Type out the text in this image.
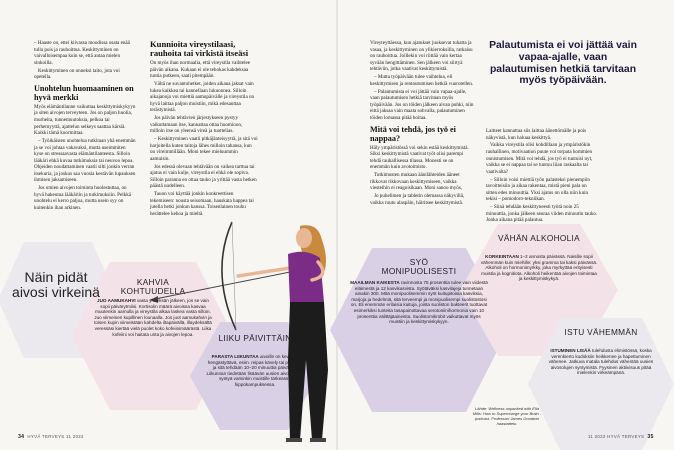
– Haaste on, ettei kiivassa moodissa osata enää tulla pois ja rauhoittua. Keskittyminen on vaivalloisempaa kuin se, että antaa mielen sinkoilla.

Keskittyminen on onneksi taito, jota voi opetella.

Unohtelun huomaaminen on hyvä merkki

Myös elämäntilanne vaikuttaa keskittymiskykyyn ja siten aivojen terveyteen. Jos on paljon huolia, murheita, tunnemuutoksia, pelkoa tai perhemyyttä, ajattelun selkeys saattaa kärsiä. Kaikki tämä kuormittaa.

– Työikäisten unohtelua tutkitaan yhä enemmän ja se voi johtaa vakavaksi, mutta useimmiten kyse on stressaavasta elämäntilanteesta. Silloin lääkäri ehkä kuvaa tutkimuksia tai neuvoo lepoa. Ohjeiden noudattaminen vaatii silti jonkin verran itsekuria, ja joskus saa vuosia kestävän lupauksen ihmisen jaksamiseen.

Jos omien aivojen toiminta huolestuttaa, on hyvä hakeutua lääkäriin ja tutkimuksiin. Pelkkä unohtelu ei kerro paljoa, mutta usein syy on kuitenkin ihan arkinen.

Kunnioita vireystilaasi, rauhoita tai virkistä itseäsi

On myös ihan normaalia, että vireystila vaihtelee päivän aikana. Kukaan ei ole tehokas kahdeksaa tuntia putkeen, saati pitempään.

Vältä ne suvantohetket, joiden aikana jaksat vain lukea kaikkea tai kannellaan lukuonnea. Silloin aikajanoja voi miettiä aamupäivälle ja vireystila on hyvä laittaa paljon muistiin, mikä edesauttaa terästymistä.

Jos päivän tehtävien järjestykseen pystyy vaikuttamaan itse, kannattaa ottaa huomioon, milloin itse on yleensä vireä ja tuottelias.

– Keskittyminen vaatii pitkäjänteisyyttä, ja sitä voi harjoitella kuten taitoja lähes milloin tahansa, kun on vireimmillään. Moni tekee mieluummin aamuisin.

Jos edessä olevaan tehtävään on vaikea tarttua tai ajatus ei vain kulje, vireystila ei ehkä ole sopiva. Silloin paranna en ottaa tauko ja yrittää vasta hetken päästä uudelleen.

Tauon voi käyttää jonkin konkreettisen tekemiseen: nousta seisomaan, hauskata happea tai jutella hetki jonkun kanssa. Toisenlainen touhu herättelee kehoa ja mieltä.

Näin pidät aivosi virkeinä
KAHVIA KOHTUUDELLA
JUO AAMUKAHVI vasta yhdeksän jälkeen, jos se vain sopii päivärytmiisi. Kortisolin määrä aivoissa kasvaa muutenkin aamulla ja vireystila alkaa laskea vasta silloin. Juo viimeinen kupillinen lounaalla. Jos juot aamukahvin ja toisen kupin viimeistään kahdelta iltapäivällä, illaydeksältä veressäsi kiertää vielä puolet koko kofeiinimäärästä. Liika kofeiini voi haitata unta ja aivojen lepoa.	LIIKU PÄIVITTÄIN
PARASTA LIIKUNTAA aivoille on kevyesti hengästyttävä, esim. reipas kävely tai pyöräily, ja sitä tehdään 10–20 minuuttia päivässä. Liikunnan tiedetään lisäävän uusien aivosolujen syntyä varsinkin muistille tärkeässä hippokampuksessa.
34 HYVÄ TERVEYS 11 2022

Vireyteyttäessa, kun ajatukset juoksevat tuhatta ja vasaa, ja keskittyminen on ylikierroksilla, ratkaisu on rauhoittua. Joillekin voi riittää vain kertaa syvään hengittäminen. Sen jälkeen voi siirtyä tehtäviin, jotka vaativat keskittymistä.

– Mutta työpäivään tulee vaihtelua, eli keskittymisen ja rentoutumisen hetkiä vuorotellen.

– Palautumista ei voi jättää vain vapaa-ajalle, vaan palautumisen hetkiä tarvitaan myös työpäivään. Jos on töiden jälkeen aivan puhki, niin eittä jaksaa vain maata sohvalla, palautuminen töiden lomassa pitää hoitaa.

Mitä voi tehdä, jos työ ei nappaa?

Häly ympäristössä voi sekin estää keskittymistä. Siksi keskittymistä vaativat työt olisi parempi tehdä rauhallisessa tilassa. Monesti se on enemmän kuin avotoimisto.

Tutkimusten mukaan äänilähteiden ääneet rikkovat rikkovaan keskittymiseen, vaikka viesteihin ei reagoisikaan. Moni sanoo myös,

Jo puhelimen ja tabletin olemassa näkyvillä, vaikka ruutu alaspäin, häiritsee keskittymistä.

Palautumista ei voi jättää vain vapaa-ajalle, vaan palautumisen hetkiä tarvitaan myös työpäivään.

Laitteet kannattaa siis laittaa äänettömälle ja pois näkyvistä, kun haluaa keskittyä.

Vaikka vireystila olisi kohdillaan ja ympäristökin rauhallinen, motivaation puute voi torpata hommien onnistumisen. Mitä voi tehdä, jos työ ei tuntuisi nyt, vaikka se ei nappaa tai se tuntuu liian raskaalta tai vaativalta?

– Silloin voisi miettiä työn palasteksi pienempiin tavoitteisiin ja aikaa rakentaa, mistä pieni pala on sitten edes minuuttia. Yksi ajatus on olla niin kuin tekisi – pomodoro-tekniikan.

– Siinä tehdään keskittyneesti työtä noin 25 minuuttia, jonka jälkeen seuraa viiden minuutin tauko. Jonka aikana pitää palautua.

SYÖ MONIPUOLISESTI
MAAILMAN KAIKESTA ravinnosta 75 prosenttia tulee vain viidestä eläimestä ja 12 kasvikasvista. Syötäväksi kasvilajeja tunnetaan ainakin 300. Mitä monipuolisemmin syöt kuitupitoisia kasviksia, marjoja ja hedelmiä, sitä terveempi ja monipuolisempi suolistostosi on. Eli enemmän erilaisia kuituja, joista suoliston bakteerit tuottavat esimerkiksi tunteita tasapainottavaa serotoniinihormonia vain 10 prosenttia välittäjäaineista. Suolistomikrobit vaikuttavat myös muistiin ja keskittymiskykyyn.
VÄHÄN ALKOHOLIA
KORKEINTAAN 1–2 annosta päivässä. Naisille sopii vähemmän kuin miehille: yksi gramma tai kaksi päivässä. Alkoholi on hormonimyrkky, joka myrkyttää erityisesti muistia ja kognitiota. Alkoholi heikentää aivojen toimintaa ja keskittymiskykyä.
ISTU VÄHEMMÄN
ISTUMINEN LISÄÄ tulehdusta elimistössä, koska verenkierto kudoksiin heikkenee ja hapettuminen vähenee. Jatkuva matala tulehdus vähentää uusien aivosolujen syntymistä. Fyysinen aktiivisuus pitää mielenkin virkeämpänä.
Lähde: Wellness unpacked with Ella Mills: How to Supercharge your Brain -podcast. Professori James Goodwin haastattelu.
11 2022 HYVÄ TERVEYS 35
